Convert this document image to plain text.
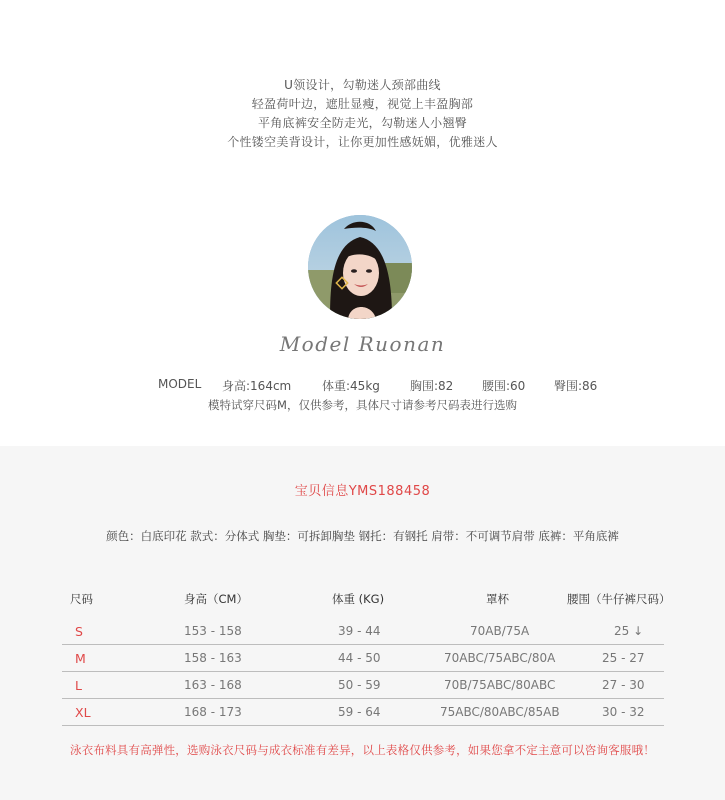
U领设计，勾勒迷人颈部曲线
轻盈荷叶边，遮肚显瘦，视觉上丰盈胸部
平角底裤安全防走光，勾勒迷人小翘臀
个性镂空美背设计，让你更加性感妩媚，优雅迷人
Model Ruonan
MODEL 身高:164cm	体重:45kg	胸围:82 腰围:60 臀围:86
模特试穿尺码M，仅供参考，具体尺寸请参考尺码表进行选购
宝贝信息YMS188458
颜色：白底印花 款式：分体式 胸垫：可拆卸胸垫 钢托：有钢托 肩带：不可调节肩带 底裤：平角底裤
尺码	身高（CM）	体重 (KG)	罩杯	腰围（牛仔裤尺码）
S	153 - 158	39 - 44	70AB/75A	25 ↓
M	158 - 163	44 - 50	70ABC/75ABC/80A	25 - 27
L	163 - 168	50 - 59	70B/75ABC/80ABC	27 - 30
XL	168 - 173	59 - 64	75ABC/80ABC/85AB	30 - 32
泳衣布料具有高弹性，选购泳衣尺码与成衣标准有差异，以上表格仅供参考，如果您拿不定主意可以咨询客服哦！
